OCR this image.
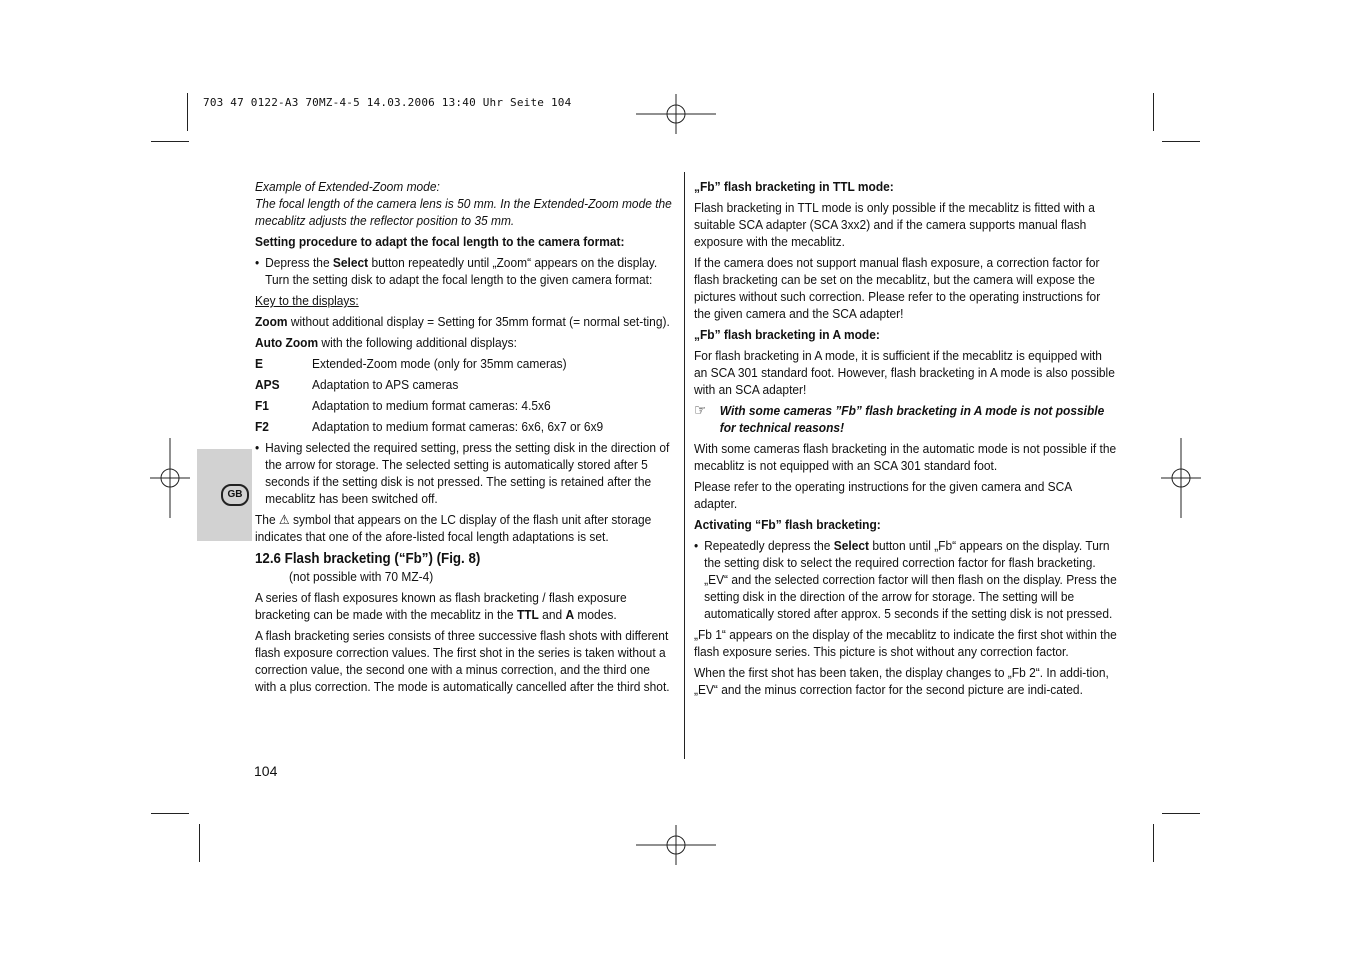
703 47 0122-A3 70MZ-4-5 14.03.2006 13:40 Uhr Seite 104
GB

Example of Extended-Zoom mode:
The focal length of the camera lens is 50 mm. In the Extended-Zoom mode the mecablitz adjusts the reflector position to 35 mm.

Setting procedure to adapt the focal length to the camera format:

• Depress the Select button repeatedly until „Zoom“ appears on the display. Turn the setting disk to adapt the focal length to the given camera format:

Key to the displays:

Zoom without additional display = Setting for 35mm format (= normal set-ting).

Auto Zoom with the following additional displays:

E	Extended-Zoom mode (only for 35mm cameras)
APS	Adaptation to APS cameras
F1	Adaptation to medium format cameras: 4.5x6
F2	Adaptation to medium format cameras: 6x6, 6x7 or 6x9

• Having selected the required setting, press the setting disk in the direction of the arrow for storage. The selected setting is automatically stored after 5 seconds if the setting disk is not pressed. The setting is retained after the mecablitz has been switched off.

The ⚠ symbol that appears on the LC display of the flash unit after storage indicates that one of the afore-listed focal length adaptations is set.

12.6 Flash bracketing (“Fb”) (Fig. 8)
(not possible with 70 MZ-4)

A series of flash exposures known as flash bracketing / flash exposure bracketing can be made with the mecablitz in the TTL and A modes.

A flash bracketing series consists of three successive flash shots with different flash exposure correction values. The first shot in the series is taken without a correction value, the second one with a minus correction, and the third one with a plus correction. The mode is automatically cancelled after the third shot.

„Fb” flash bracketing in TTL mode:

Flash bracketing in TTL mode is only possible if the mecablitz is fitted with a suitable SCA adapter (SCA 3xx2) and if the camera supports manual flash exposure with the mecablitz.

If the camera does not support manual flash exposure, a correction factor for flash bracketing can be set on the mecablitz, but the camera will expose the pictures without such correction. Please refer to the operating instructions for the given camera and the SCA adapter!

„Fb” flash bracketing in A mode:

For flash bracketing in A mode, it is sufficient if the mecablitz is equipped with an SCA 301 standard foot. However, flash bracketing in A mode is also possible with an SCA adapter!

☞	With some cameras ”Fb” flash bracketing in A mode is not possible for technical reasons!

With some cameras flash bracketing in the automatic mode is not possible if the mecablitz is not equipped with an SCA 301 standard foot.

Please refer to the operating instructions for the given camera and SCA adapter.

Activating “Fb” flash bracketing:

• Repeatedly depress the Select button until „Fb“ appears on the display. Turn the setting disk to select the required correction factor for flash bracketing. „EV“ and the selected correction factor will then flash on the display. Press the setting disk in the direction of the arrow for storage. The setting will be automatically stored after approx. 5 seconds if the setting disk is not pressed.

„Fb 1“ appears on the display of the mecablitz to indicate the first shot within the flash exposure series. This picture is shot without any correction factor.

When the first shot has been taken, the display changes to „Fb 2“. In addi-tion, „EV“ and the minus correction factor for the second picture are indi-cated.

104
